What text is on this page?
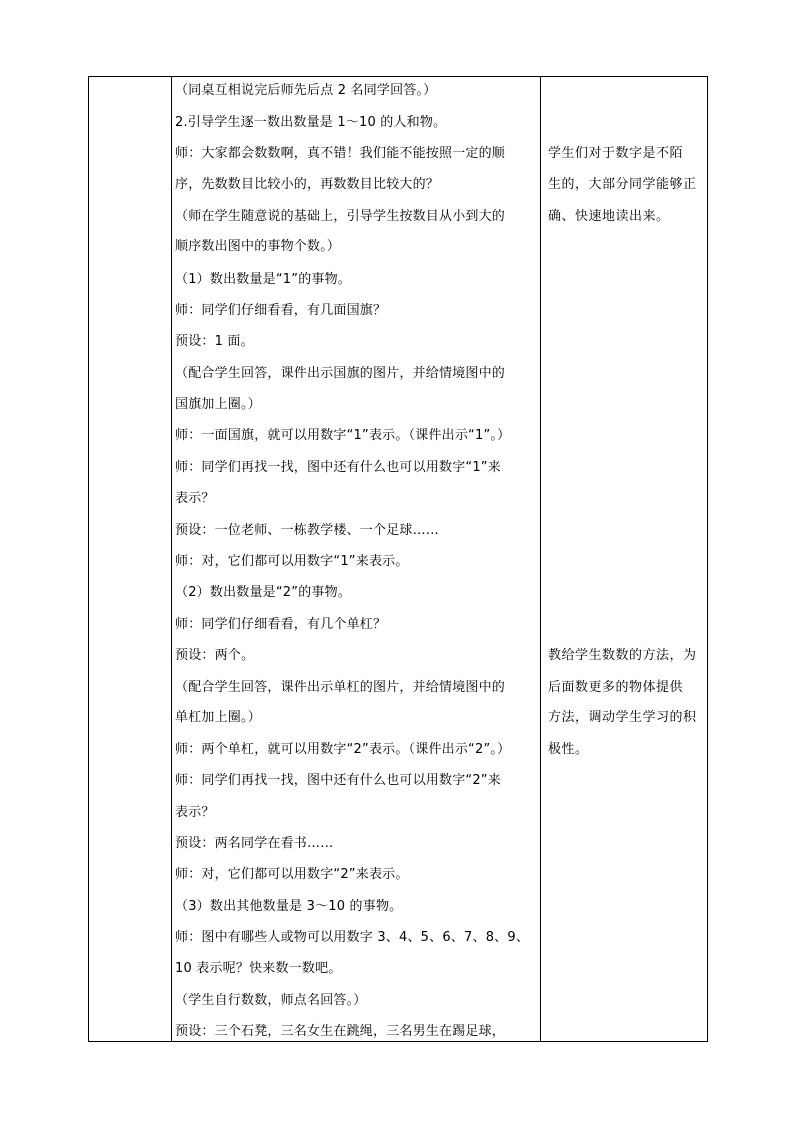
（同桌互相说完后师先后点 2 名同学回答。）
2.引导学生逐一数出数量是 1～10 的人和物。
师：大家都会数数啊，真不错！我们能不能按照一定的顺
序，先数数目比较小的，再数数目比较大的？
（师在学生随意说的基础上，引导学生按数目从小到大的
顺序数出图中的事物个数。）
（1）数出数量是“1”的事物。
师：同学们仔细看看，有几面国旗？
预设：1 面。
（配合学生回答，课件出示国旗的图片，并给情境图中的
国旗加上圈。）
师：一面国旗，就可以用数字“1”表示。（课件出示“1”。）
师：同学们再找一找，图中还有什么也可以用数字“1”来
表示？
预设：一位老师、一栋教学楼、一个足球……
师：对，它们都可以用数字“1”来表示。
（2）数出数量是“2”的事物。
师：同学们仔细看看，有几个单杠？
预设：两个。
（配合学生回答，课件出示单杠的图片，并给情境图中的
单杠加上圈。）
师：两个单杠，就可以用数字“2”表示。（课件出示“2”。）
师：同学们再找一找，图中还有什么也可以用数字“2”来
表示？
预设：两名同学在看书……
师：对，它们都可以用数字“2”来表示。
（3）数出其他数量是 3～10 的事物。
师：图中有哪些人或物可以用数字 3、4、5、6、7、8、9、
10 表示呢？快来数一数吧。
（学生自行数数，师点名回答。）
预设：三个石凳，三名女生在跳绳，三名男生在踢足球，
学生们对于数字是不陌
生的，大部分同学能够正
确、快速地读出来。
教给学生数数的方法，为
后面数更多的物体提供
方法，调动学生学习的积
极性。
